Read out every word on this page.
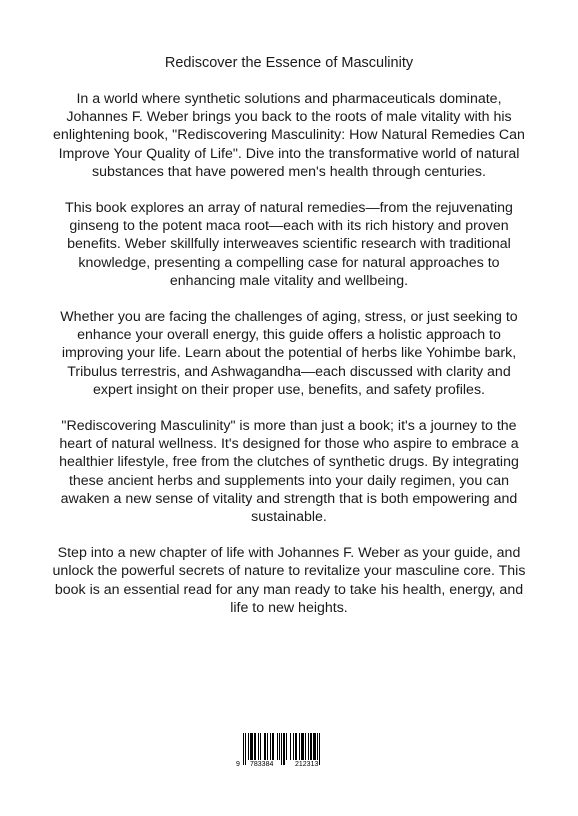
Rediscover the Essence of Masculinity

In a world where synthetic solutions and pharmaceuticals dominate, Johannes F. Weber brings you back to the roots of male vitality with his enlightening book, "Rediscovering Masculinity: How Natural Remedies Can Improve Your Quality of Life". Dive into the transformative world of natural substances that have powered men's health through centuries.

This book explores an array of natural remedies—from the rejuvenating ginseng to the potent maca root—each with its rich history and proven benefits. Weber skillfully interweaves scientific research with traditional knowledge, presenting a compelling case for natural approaches to enhancing male vitality and wellbeing.

Whether you are facing the challenges of aging, stress, or just seeking to enhance your overall energy, this guide offers a holistic approach to improving your life. Learn about the potential of herbs like Yohimbe bark, Tribulus terrestris, and Ashwagandha—each discussed with clarity and expert insight on their proper use, benefits, and safety profiles.

"Rediscovering Masculinity" is more than just a book; it's a journey to the heart of natural wellness. It's designed for those who aspire to embrace a healthier lifestyle, free from the clutches of synthetic drugs. By integrating these ancient herbs and supplements into your daily regimen, you can awaken a new sense of vitality and strength that is both empowering and sustainable.

Step into a new chapter of life with Johannes F. Weber as your guide, and unlock the powerful secrets of nature to revitalize your masculine core. This book is an essential read for any man ready to take his health, energy, and life to new heights.

9 783384	212313
